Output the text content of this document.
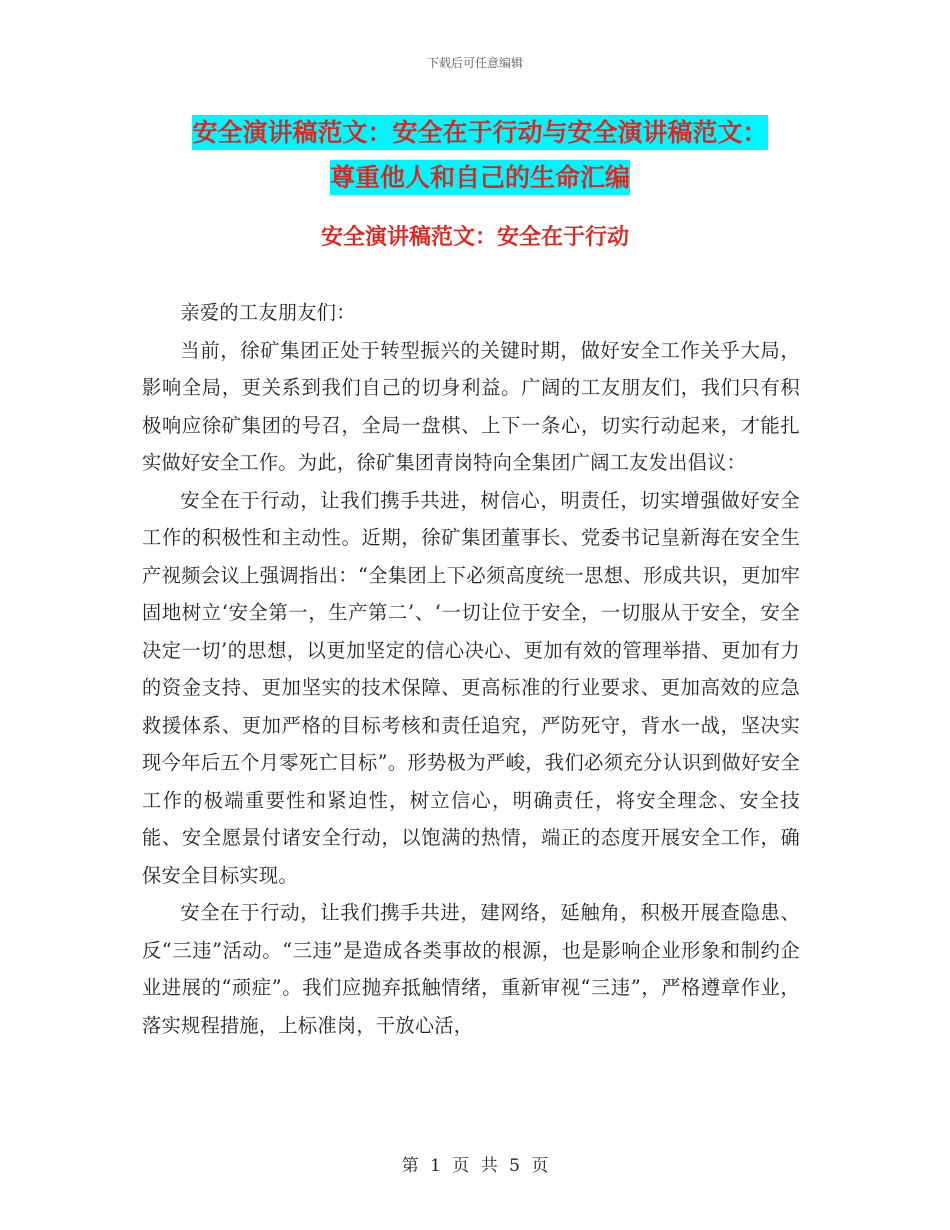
下载后可任意编辑
安全演讲稿范文：安全在于行动与安全演讲稿范文：
尊重他人和自己的生命汇编
安全演讲稿范文：安全在于行动

亲爱的工友朋友们：

当前，徐矿集团正处于转型振兴的关键时期，做好安全工作关乎大局，影响全局，更关系到我们自己的切身利益。广阔的工友朋友们，我们只有积极响应徐矿集团的号召，全局一盘棋、上下一条心，切实行动起来，才能扎实做好安全工作。为此，徐矿集团青岗特向全集团广阔工友发出倡议：

安全在于行动，让我们携手共进，树信心，明责任，切实增强做好安全工作的积极性和主动性。近期，徐矿集团董事长、党委书记皇新海在安全生产视频会议上强调指出：“全集团上下必须高度统一思想、形成共识，更加牢固地树立‘安全第一，生产第二’、‘一切让位于安全，一切服从于安全，安全决定一切’的思想，以更加坚定的信心决心、更加有效的管理举措、更加有力的资金支持、更加坚实的技术保障、更高标准的行业要求、更加高效的应急救援体系、更加严格的目标考核和责任追究，严防死守，背水一战，坚决实现今年后五个月零死亡目标”。形势极为严峻，我们必须充分认识到做好安全工作的极端重要性和紧迫性，树立信心，明确责任，将安全理念、安全技能、安全愿景付诸安全行动，以饱满的热情，端正的态度开展安全工作，确保安全目标实现。

安全在于行动，让我们携手共进，建网络，延触角，积极开展查隐患、反“三违”活动。“三违”是造成各类事故的根源，也是影响企业形象和制约企业进展的“顽症”。我们应抛弃抵触情绪，重新审视“三违”，严格遵章作业，落实规程措施，上标准岗，干放心活，

第 1 页 共 5 页
